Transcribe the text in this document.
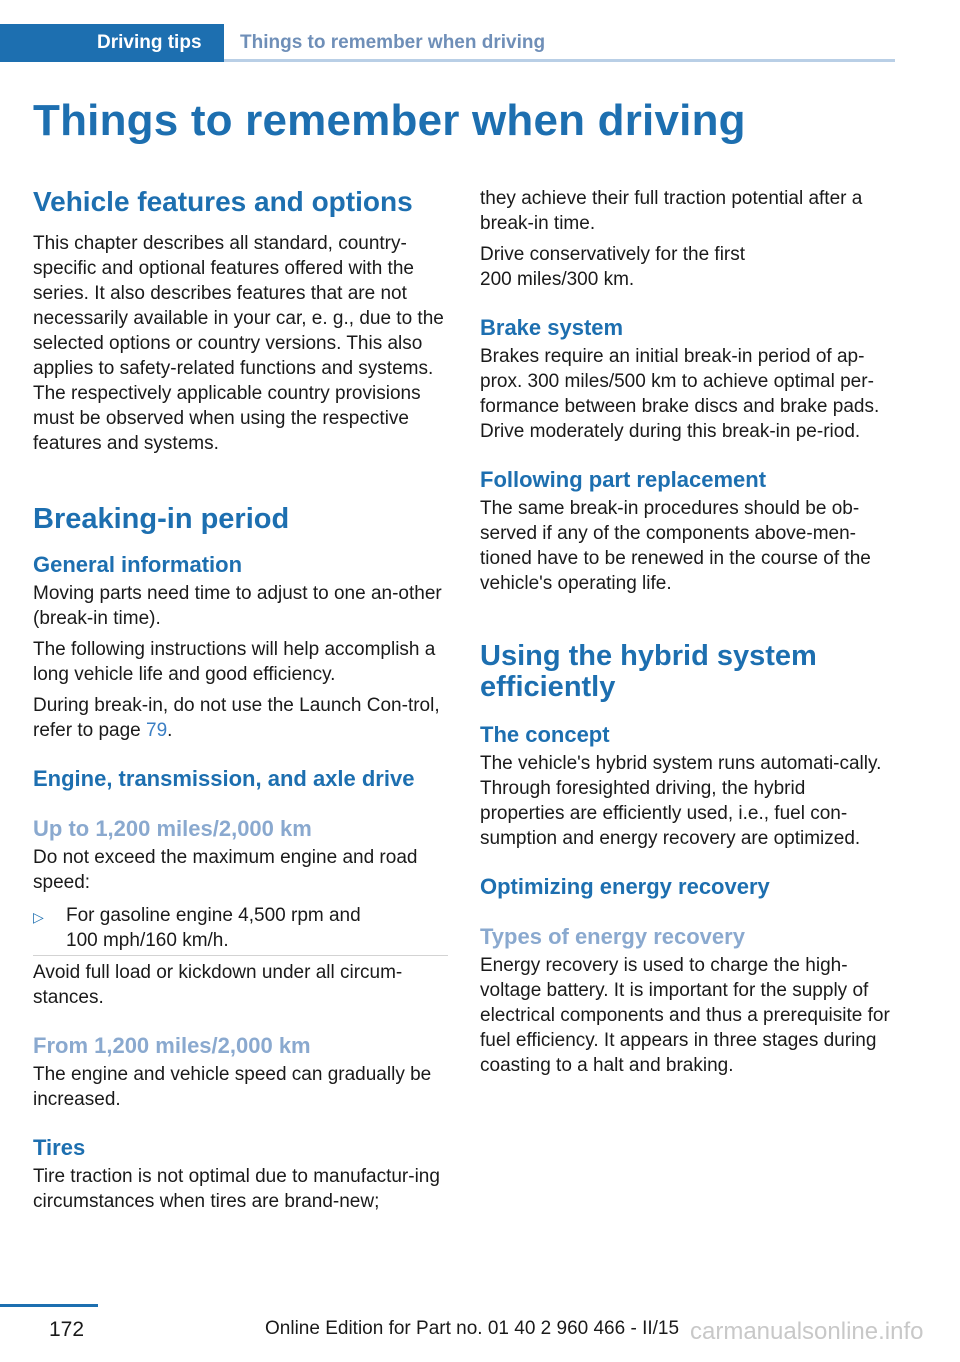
Driving tips Things to remember when driving
Things to remember when driving
Vehicle features and options

This chapter describes all standard, country-specific and optional features offered with the series. It also describes features that are not necessarily available in your car, e. g., due to the selected options or country versions. This also applies to safety-related functions and systems. The respectively applicable country provisions must be observed when using the respective features and systems.

Breaking-in period
General information

Moving parts need time to adjust to one an-other (break-in time).

The following instructions will help accomplish a long vehicle life and good efficiency.

During break-in, do not use the Launch Con-trol, refer to page 79.

Engine, transmission, and axle drive
Up to 1,200 miles/2,000 km

Do not exceed the maximum engine and road speed:

▷	For gasoline engine 4,500 rpm and 100 mph/160 km/h.

Avoid full load or kickdown under all circum-stances.

From 1,200 miles/2,000 km

The engine and vehicle speed can gradually be increased.

Tires

Tire traction is not optimal due to manufactur-ing circumstances when tires are brand-new;

they achieve their full traction potential after a break-in time.

Drive conservatively for the first 200 miles/300 km.

Brake system

Brakes require an initial break-in period of ap-prox. 300 miles/500 km to achieve optimal per-formance between brake discs and brake pads. Drive moderately during this break-in pe-riod.

Following part replacement

The same break-in procedures should be ob-served if any of the components above-men-tioned have to be renewed in the course of the vehicle's operating life.

Using the hybrid system efficiently
The concept

The vehicle's hybrid system runs automati-cally. Through foresighted driving, the hybrid properties are efficiently used, i.e., fuel con-sumption and energy recovery are optimized.

Optimizing energy recovery
Types of energy recovery

Energy recovery is used to charge the high-voltage battery. It is important for the supply of electrical components and thus a prerequisite for fuel efficiency. It appears in three stages during coasting to a halt and braking.

172	Online Edition for Part no. 01 40 2 960 466 - II/15 carmanualsonline.info
